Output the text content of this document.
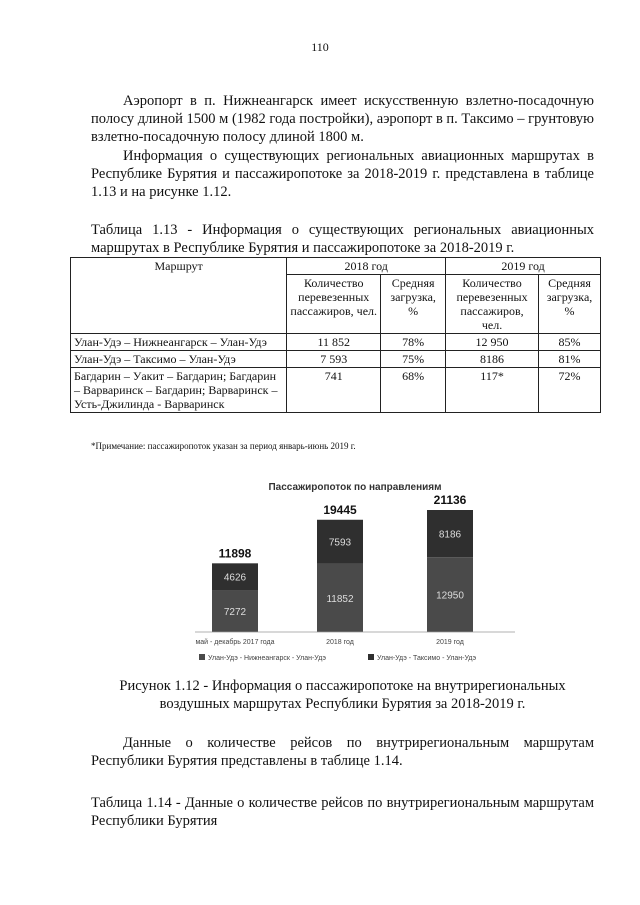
110

Аэропорт в п. Нижнеангарск имеет искусственную взлетно-посадочную полосу длиной 1500 м (1982 года постройки), аэропорт в п. Таксимо – грунтовую взлетно-посадочную полосу длиной 1800 м.

Информация о существующих региональных авиационных маршрутах в Республике Бурятия и пассажиропотоке за 2018-2019 г. представлена в таблице 1.13 и на рисунке 1.12.

Таблица 1.13 - Информация о существующих региональных авиационных маршрутах в Республике Бурятия и пассажиропотоке за 2018-2019 г.

Маршрут	2018 год		2019 год	
	Количество перевезенных пассажиров, чел.	Средняя загрузка, %	Количество перевезенных пассажиров, чел.	Средняя загрузка, %
Улан-Удэ – Нижнеангарск – Улан-Удэ	11 852	78%	12 950	85%
Улан-Удэ – Таксимо – Улан-Удэ	7 593	75%	8186	81%
Багдарин – Уакит – Багдарин; Багдарин – Варваринск – Багдарин; Варваринск – Усть-Джилинда - Варваринск	741	68%	117*	72%
*Примечание: пассажиропоток указан за период январь-июнь 2019 г.
Пассажиропоток по направлениям
7272
4626
11898
май - декабрь 2017 года
11852
7593
19445
2018 год
12950
8186
21136
2019 год
Улан-Удэ - Нижнеангарск - Улан-Удэ	Улан-Удэ - Таксимо - Улан-Удэ

Рисунок 1.12 - Информация о пассажиропотоке на внутрирегиональных воздушных маршрутах Республики Бурятия за 2018-2019 г.

Данные о количестве рейсов по внутрирегиональным маршрутам Республики Бурятия представлены в таблице 1.14.

Таблица 1.14 - Данные о количестве рейсов по внутрирегиональным маршрутам Республики Бурятия
